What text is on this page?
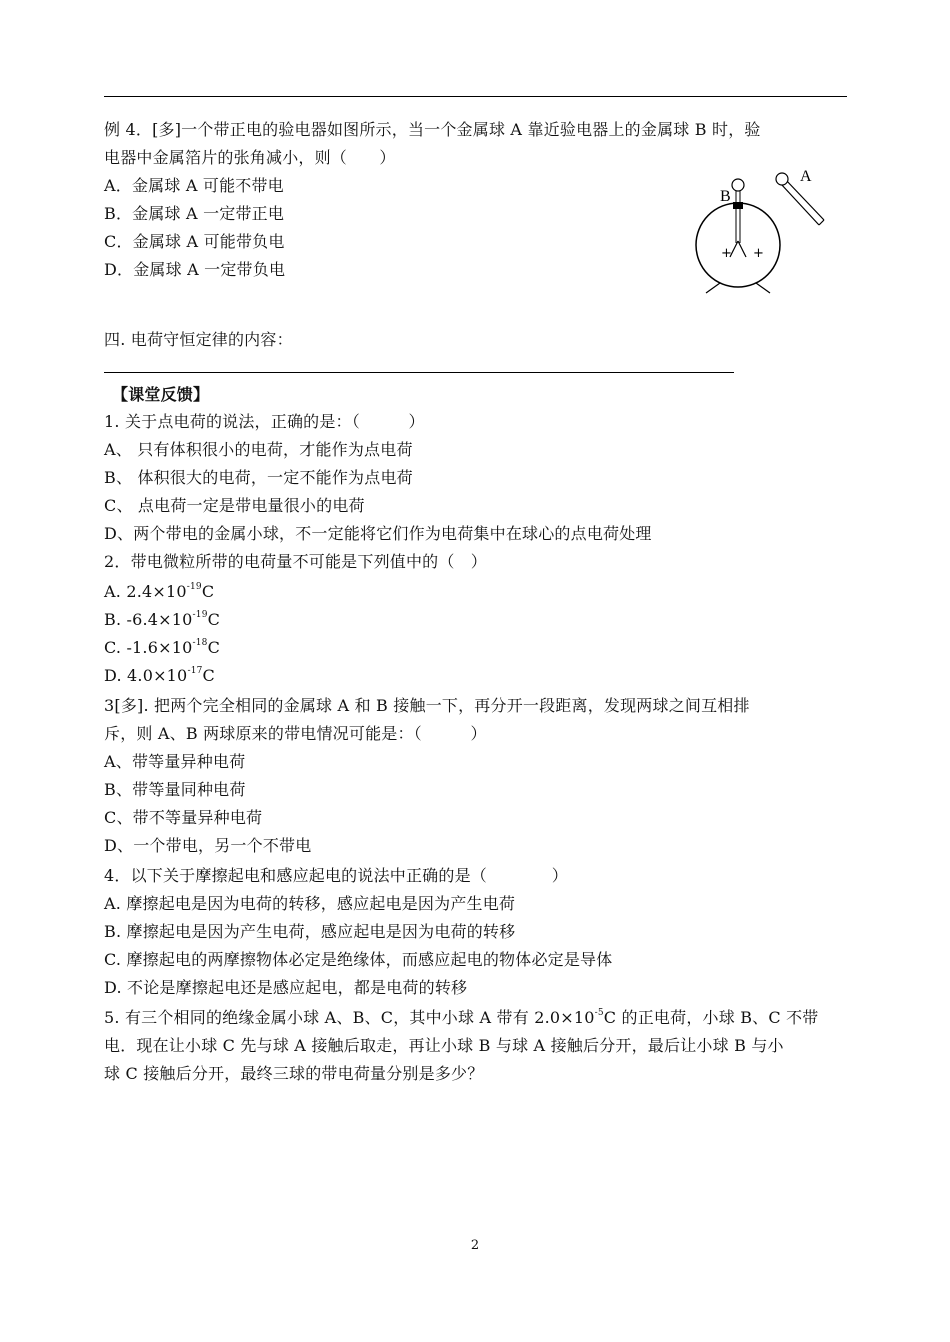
例 4．[多]一个带正电的验电器如图所示，当一个金属球 A 靠近验电器上的金属球 B 时，验
电器中金属箔片的张角减小，则（　　）
A．金属球 A 可能不带电
B．金属球 A 一定带正电
C．金属球 A 可能带负电
D．金属球 A 一定带负电
+ +
B
A
四. 电荷守恒定律的内容：
【课堂反馈】
1. 关于点电荷的说法，正确的是：（　　　）
A、 只有体积很小的电荷，才能作为点电荷
B、 体积很大的电荷，一定不能作为点电荷
C、 点电荷一定是带电量很小的电荷
D、两个带电的金属小球，不一定能将它们作为电荷集中在球心的点电荷处理
2．带电微粒所带的电荷量不可能是下列值中的（　）
A. $2.4\times 10^{-19}C$
B. $-6.4\times 10^{-19}C$
C. $-1.6\times 10^{-18}C$
D. $4.0\times 10^{-17}C$
3[多]. 把两个完全相同的金属球 A 和 B 接触一下，再分开一段距离，发现两球之间互相排
斥，则 A、B 两球原来的带电情况可能是：（　　　）
A、带等量异种电荷
B、带等量同种电荷
C、带不等量异种电荷
D、一个带电，另一个不带电
4．以下关于摩擦起电和感应起电的说法中正确的是（　　　　）
A. 摩擦起电是因为电荷的转移，感应起电是因为产生电荷
B. 摩擦起电是因为产生电荷，感应起电是因为电荷的转移
C. 摩擦起电的两摩擦物体必定是绝缘体，而感应起电的物体必定是导体
D. 不论是摩擦起电还是感应起电，都是电荷的转移
5. 有三个相同的绝缘金属小球 A、B、C，其中小球 A 带有 $2.0\times 10^{-5}C$ 的正电荷，小球 B、C 不带
电．现在让小球 C 先与球 A 接触后取走，再让小球 B 与球 A 接触后分开，最后让小球 B 与小
球 C 接触后分开，最终三球的带电荷量分别是多少？
2
